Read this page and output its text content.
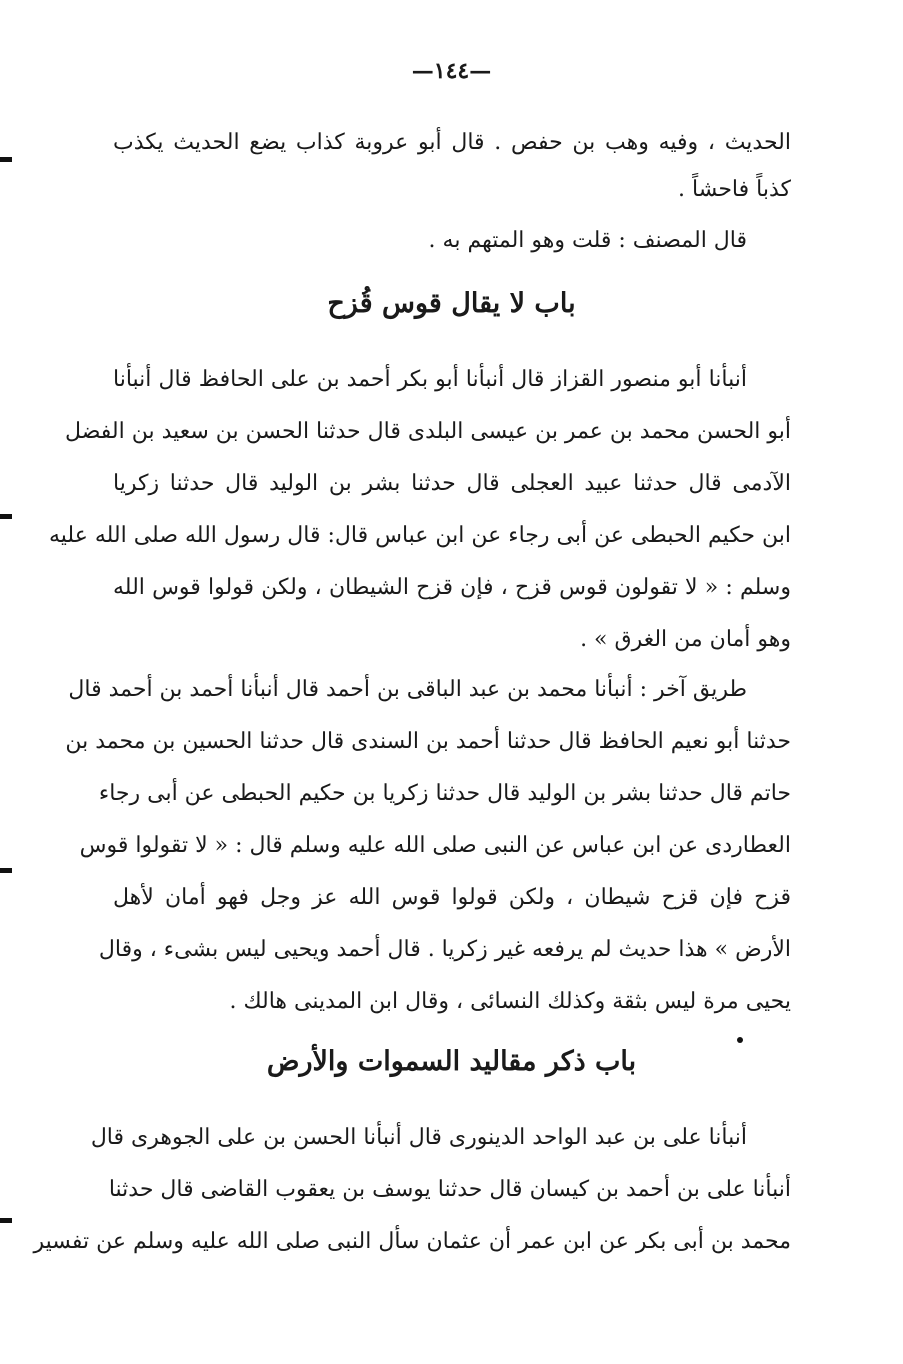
—١٤٤—
الحديث ، وفيه وهب بن حفص . قال أبو عروبة كذاب يضع الحديث يكذب
كذباً فاحشاً .
قال المصنف : قلت وهو المتهم به .
باب لا يقال قوس قُزح
أنبأنا أبو منصور القزاز قال أنبأنا أبو بكر أحمد بن على الحافظ قال أنبأنا
أبو الحسن محمد بن عمر بن عيسى البلدى قال حدثنا الحسن بن سعيد بن الفضل
الآدمى قال حدثنا عبيد العجلى قال حدثنا بشر بن الوليد قال حدثنا زكريا
ابن حكيم الحبطى عن أبى رجاء عن ابن عباس قال: قال رسول الله صلى الله عليه
وسلم : « لا تقولون قوس قزح ، فإن قزح الشيطان ، ولكن قولوا قوس الله
وهو أمان من الغرق » .
طريق آخر : أنبأنا محمد بن عبد الباقى بن أحمد قال أنبأنا أحمد بن أحمد قال
حدثنا أبو نعيم الحافظ قال حدثنا أحمد بن السندى قال حدثنا الحسين بن محمد بن
حاتم قال حدثنا بشر بن الوليد قال حدثنا زكريا بن حكيم الحبطى عن أبى رجاء
العطاردى عن ابن عباس عن النبى صلى الله عليه وسلم قال : « لا تقولوا قوس
قزح فإن قزح شيطان ، ولكن قولوا قوس الله عز وجل فهو أمان لأهل
الأرض » هذا حديث لم يرفعه غير زكريا . قال أحمد ويحيى ليس بشىء ، وقال
يحيى مرة ليس بثقة وكذلك النسائى ، وقال ابن المدينى هالك .
باب ذكر مقاليد السموات والأرض
أنبأنا على بن عبد الواحد الدينورى قال أنبأنا الحسن بن على الجوهرى قال
أنبأنا على بن أحمد بن كيسان قال حدثنا يوسف بن يعقوب القاضى قال حدثنا
محمد بن أبى بكر عن ابن عمر أن عثمان سأل النبى صلى الله عليه وسلم عن تفسير
